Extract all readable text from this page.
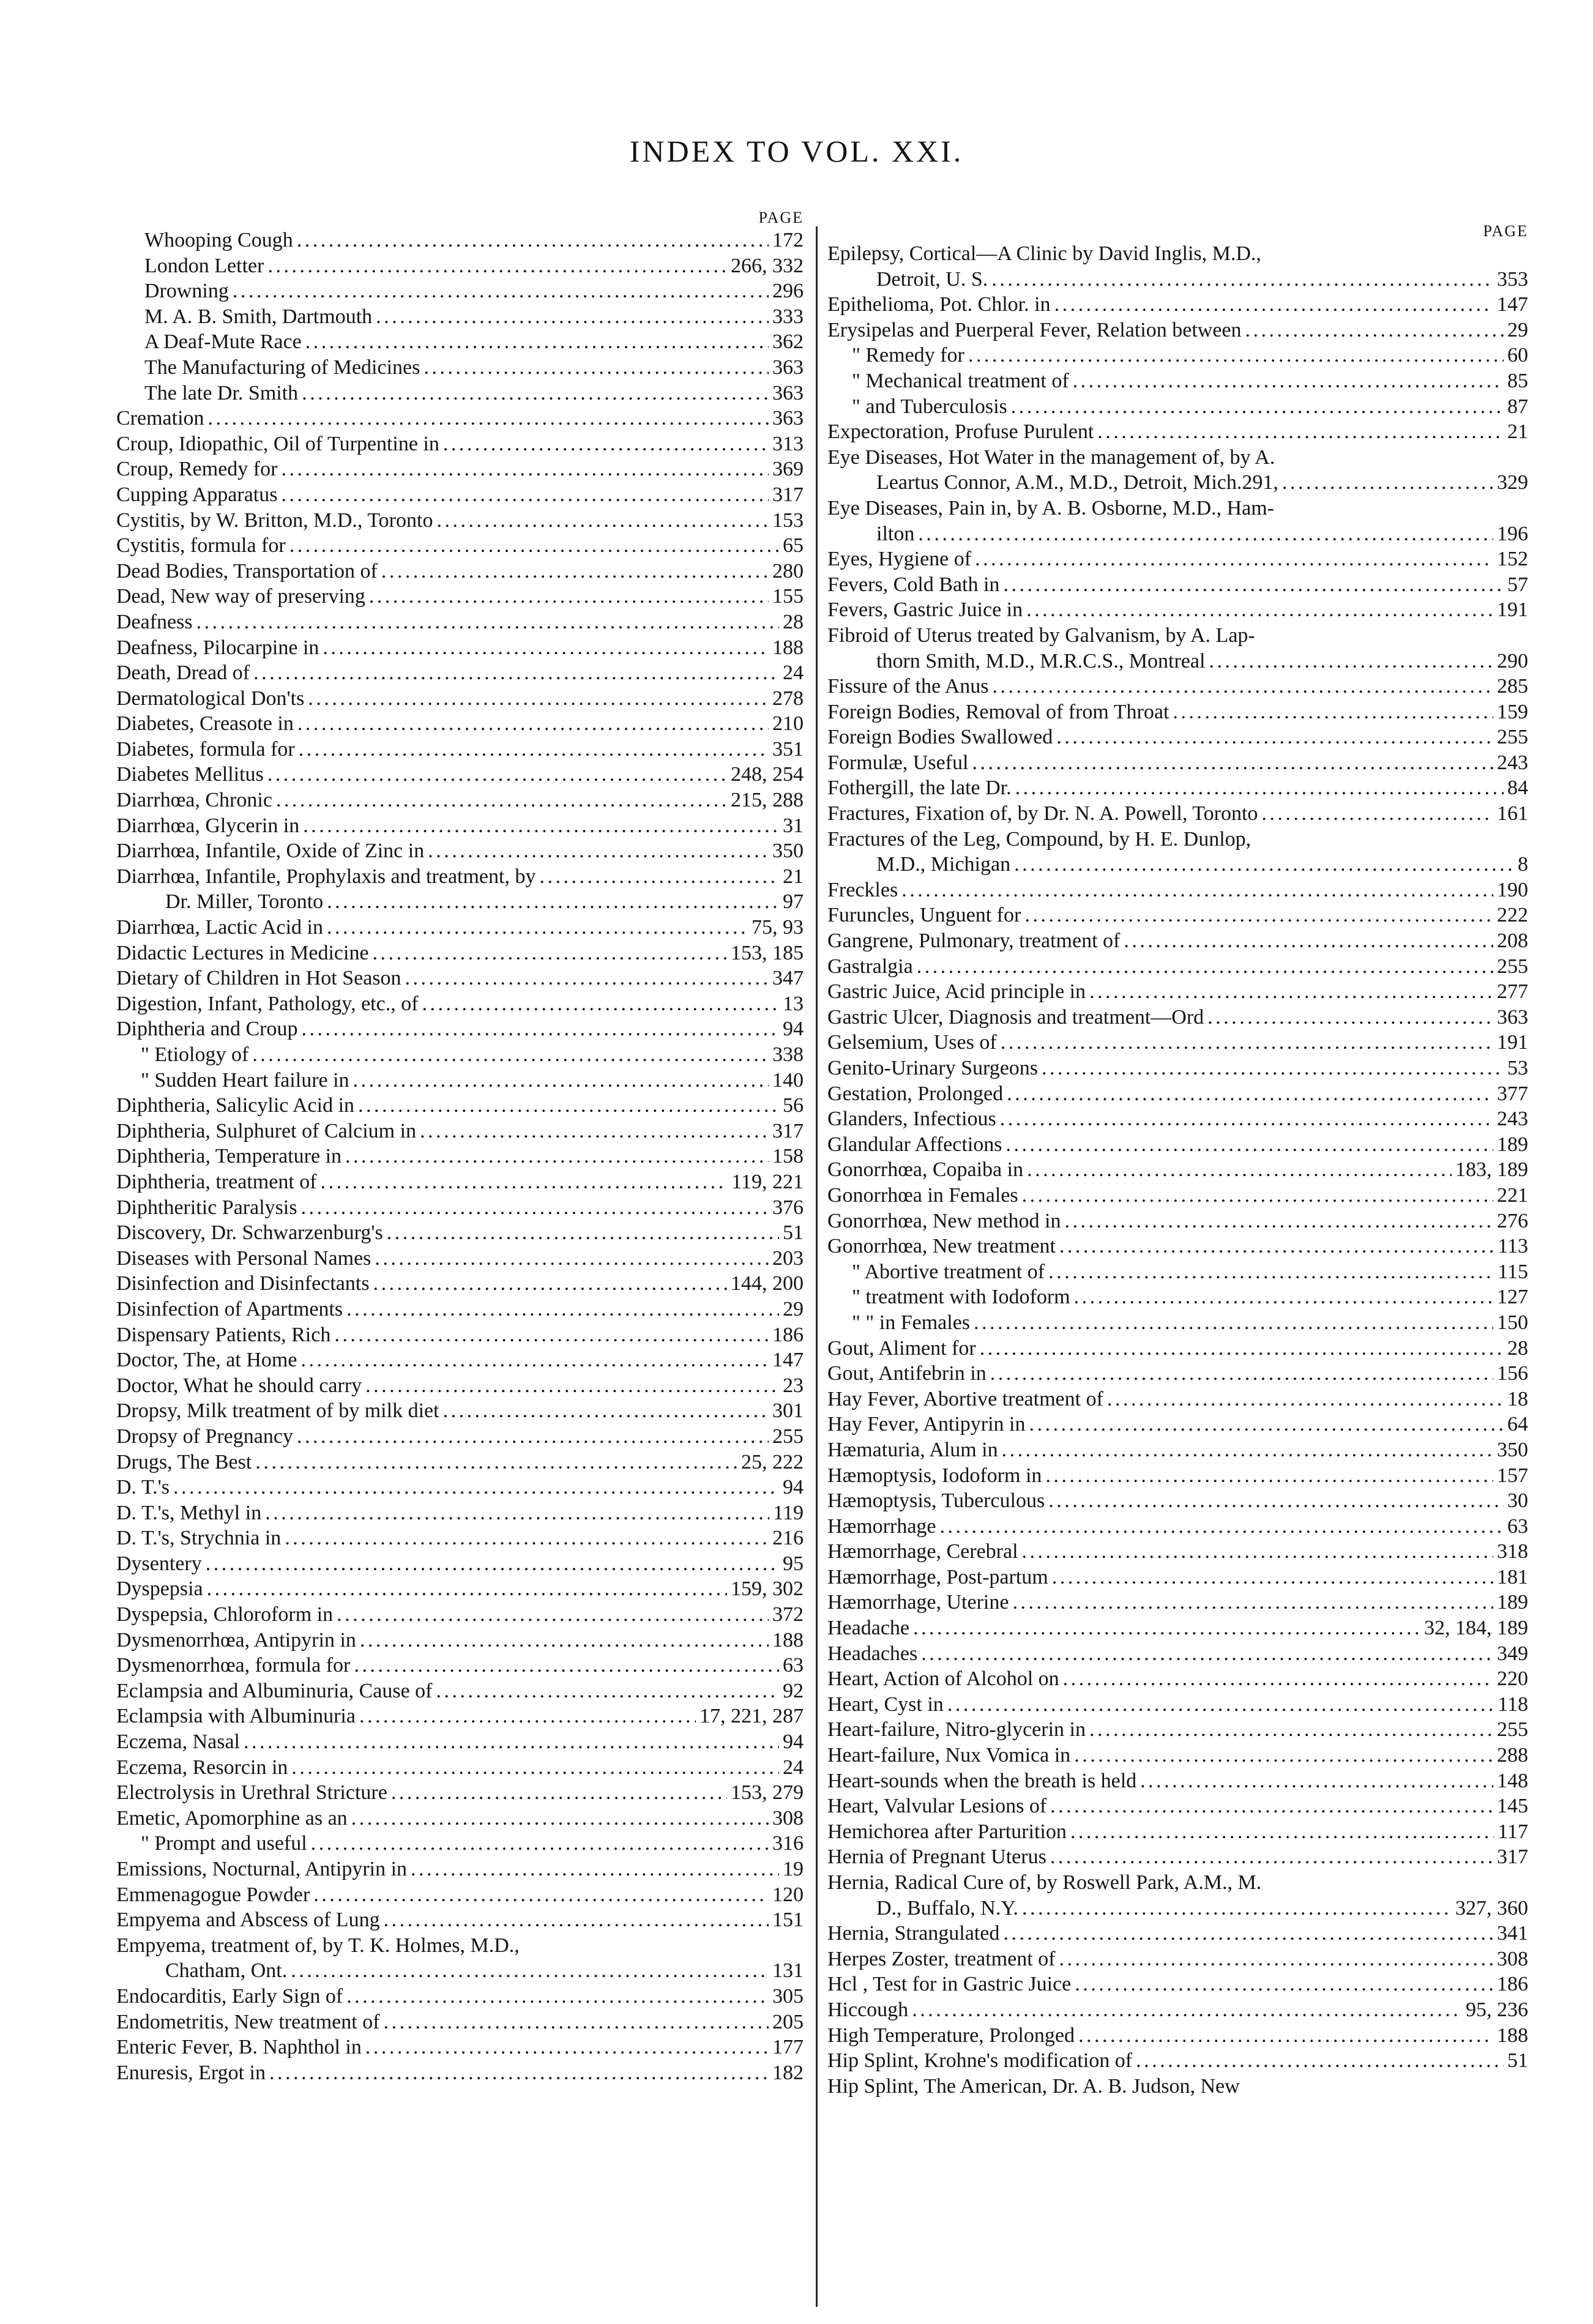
INDEX TO VOL. XXI.
PAGE
Whooping Cough . . .	172
London Letter . . .	266, 332
Drowning . . .	296
M. A. B. Smith, Dartmouth . . .	333
A Deaf-Mute Race . . .	362
The Manufacturing of Medicines . . .	363
The late Dr. Smith . . .	363
Cremation . . .	363
Croup, Idiopathic, Oil of Turpentine in . . .	313
Croup, Remedy for . . .	369
Cupping Apparatus . . .	317
Cystitis, by W. Britton, M.D., Toronto . . .	153
Cystitis, formula for . . .	65
Dead Bodies, Transportation of . . .	280
Dead, New way of preserving . . .	155
Deafness . . .	28
Deafness, Pilocarpine in . . .	188
Death, Dread of . . .	24
Dermatological Don'ts . . .	278
Diabetes, Creasote in . . .	210
Diabetes, formula for . . .	351
Diabetes Mellitus . . .	248, 254
Diarrhœa, Chronic . . .	215, 288
Diarrhœa, Glycerin in . . .	31
Diarrhœa, Infantile, Oxide of Zinc in . . .	350
Diarrhœa, Infantile, Prophylaxis and treatment, by . . .	21
Dr. Miller, Toronto . . .	97
Diarrhœa, Lactic Acid in . . .	75, 93
Didactic Lectures in Medicine . . .	153, 185
Dietary of Children in Hot Season . . .	347
Digestion, Infant, Pathology, etc., of . . .	13
Diphtheria and Croup . . .	94
" Etiology of . . .	338
" Sudden Heart failure in . . .	140
Diphtheria, Salicylic Acid in . . .	56
Diphtheria, Sulphuret of Calcium in . . .	317
Diphtheria, Temperature in . . .	158
Diphtheria, treatment of . . .	119, 221
Diphtheritic Paralysis . . .	376
Discovery, Dr. Schwarzenburg's . . .	51
Diseases with Personal Names . . .	203
Disinfection and Disinfectants . . .	144, 200
Disinfection of Apartments . . .	29
Dispensary Patients, Rich . . .	186
Doctor, The, at Home . . .	147
Doctor, What he should carry . . .	23
Dropsy, Milk treatment of by milk diet . . .	301
Dropsy of Pregnancy . . .	255
Drugs, The Best . . .	25, 222
D. T.'s . . .	94
D. T.'s, Methyl in . . .	119
D. T.'s, Strychnia in . . .	216
Dysentery . . .	95
Dyspepsia . . .	159, 302
Dyspepsia, Chloroform in . . .	372
Dysmenorrhœa, Antipyrin in . . .	188
Dysmenorrhœa, formula for . . .	63
Eclampsia and Albuminuria, Cause of . . .	92
Eclampsia with Albuminuria . . .	17, 221, 287
Eczema, Nasal . . .	94
Eczema, Resorcin in . . .	24
Electrolysis in Urethral Stricture . . .	153, 279
Emetic, Apomorphine as an . . .	308
" Prompt and useful . . .	316
Emissions, Nocturnal, Antipyrin in . . .	19
Emmenagogue Powder . . .	120
Empyema and Abscess of Lung . . .	151
Empyema, treatment of, by T. K. Holmes, M.D.,
Chatham, Ont. . . .	131
Endocarditis, Early Sign of . . .	305
Endometritis, New treatment of . . .	205
Enteric Fever, B. Naphthol in . . .	177
Enuresis, Ergot in . . .	182
PAGE
Epilepsy, Cortical—A Clinic by David Inglis, M.D.,
Detroit, U. S. . . .	353
Epithelioma, Pot. Chlor. in . . .	147
Erysipelas and Puerperal Fever, Relation between . . .	29
" Remedy for . . .	60
" Mechanical treatment of . . .	85
" and Tuberculosis . . .	87
Expectoration, Profuse Purulent . . .	21
Eye Diseases, Hot Water in the management of, by A.
Leartus Connor, A.M., M.D., Detroit, Mich.291, . . .	329
Eye Diseases, Pain in, by A. B. Osborne, M.D., Ham-
ilton . . .	196
Eyes, Hygiene of . . .	152
Fevers, Cold Bath in . . .	57
Fevers, Gastric Juice in . . .	191
Fibroid of Uterus treated by Galvanism, by A. Lap-
thorn Smith, M.D., M.R.C.S., Montreal . . .	290
Fissure of the Anus . . .	285
Foreign Bodies, Removal of from Throat . . .	159
Foreign Bodies Swallowed . . .	255
Formulæ, Useful . . .	243
Fothergill, the late Dr. . . .	84
Fractures, Fixation of, by Dr. N. A. Powell, Toronto . . .	161
Fractures of the Leg, Compound, by H. E. Dunlop,
M.D., Michigan . . .	8
Freckles . . .	190
Furuncles, Unguent for . . .	222
Gangrene, Pulmonary, treatment of . . .	208
Gastralgia . . .	255
Gastric Juice, Acid principle in . . .	277
Gastric Ulcer, Diagnosis and treatment—Ord . . .	363
Gelsemium, Uses of . . .	191
Genito-Urinary Surgeons . . .	53
Gestation, Prolonged . . .	377
Glanders, Infectious . . .	243
Glandular Affections . . .	189
Gonorrhœa, Copaiba in . . .	183, 189
Gonorrhœa in Females . . .	221
Gonorrhœa, New method in . . .	276
Gonorrhœa, New treatment . . .	113
" Abortive treatment of . . .	115
" treatment with Iodoform . . .	127
" " in Females . . .	150
Gout, Aliment for . . .	28
Gout, Antifebrin in . . .	156
Hay Fever, Abortive treatment of . . .	18
Hay Fever, Antipyrin in . . .	64
Hæmaturia, Alum in . . .	350
Hæmoptysis, Iodoform in . . .	157
Hæmoptysis, Tuberculous . . .	30
Hæmorrhage . . .	63
Hæmorrhage, Cerebral . . .	318
Hæmorrhage, Post-partum . . .	181
Hæmorrhage, Uterine . . .	189
Headache . . .	32, 184, 189
Headaches . . .	349
Heart, Action of Alcohol on . . .	220
Heart, Cyst in . . .	118
Heart-failure, Nitro-glycerin in . . .	255
Heart-failure, Nux Vomica in . . .	288
Heart-sounds when the breath is held . . .	148
Heart, Valvular Lesions of . . .	145
Hemichorea after Parturition . . .	117
Hernia of Pregnant Uterus . . .	317
Hernia, Radical Cure of, by Roswell Park, A.M., M.
D., Buffalo, N.Y. . . .	327, 360
Hernia, Strangulated . . .	341
Herpes Zoster, treatment of . . .	308
Hcl , Test for in Gastric Juice . . .	186
Hiccough . . .	95, 236
High Temperature, Prolonged . . .	188
Hip Splint, Krohne's modification of . . .	51
Hip Splint, The American, Dr. A. B. Judson, New
